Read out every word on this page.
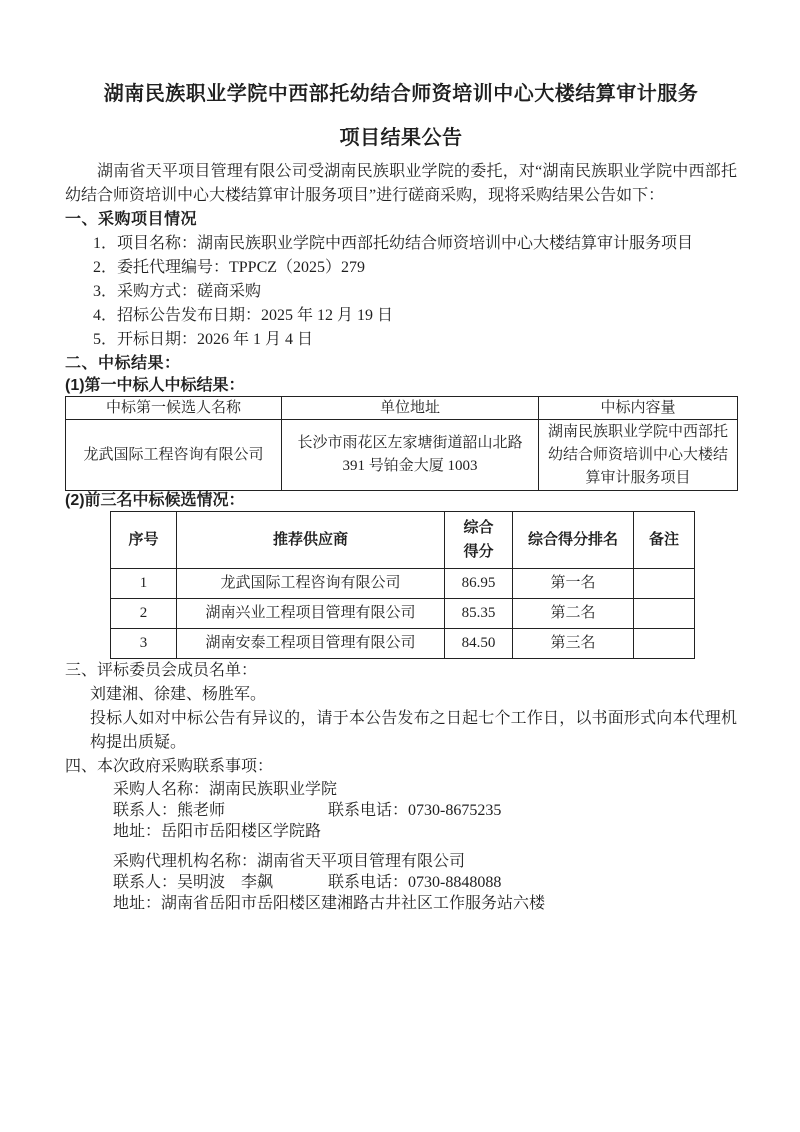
湖南民族职业学院中西部托幼结合师资培训中心大楼结算审计服务
项目结果公告

湖南省天平项目管理有限公司受湖南民族职业学院的委托，对“湖南民族职业学院中西部托幼结合师资培训中心大楼结算审计服务项目”进行磋商采购，现将采购结果公告如下：

一、采购项目情况
1．项目名称：湖南民族职业学院中西部托幼结合师资培训中心大楼结算审计服务项目
2．委托代理编号：TPPCZ（2025）279
3．采购方式：磋商采购
4．招标公告发布日期：2025 年 12 月 19 日
5．开标日期：2026 年 1 月 4 日
二、中标结果：
(1)第一中标人中标结果：
中标第一候选人名称	单位地址	中标内容量
龙武国际工程咨询有限公司	长沙市雨花区左家塘街道韶山北路391 号铂金大厦 1003	湖南民族职业学院中西部托幼结合师资培训中心大楼结算审计服务项目
(2)前三名中标候选情况：
序号	推荐供应商	综合得分	综合得分排名	备注
1	龙武国际工程咨询有限公司	86.95	第一名	
2	湖南兴业工程项目管理有限公司	85.35	第二名	
3	湖南安泰工程项目管理有限公司	84.50	第三名	
三、评标委员会成员名单：
刘建湘、徐建、杨胜军。

投标人如对中标公告有异议的，请于本公告发布之日起七个工作日，以书面形式向本代理机构提出质疑。

四、本次政府采购联系事项：
采购人名称：湖南民族职业学院
联系人：熊老师	联系电话：0730-8675235
地址：岳阳市岳阳楼区学院路
采购代理机构名称：湖南省天平项目管理有限公司
联系人：吴明波　李飙	联系电话：0730-8848088
地址：湖南省岳阳市岳阳楼区建湘路古井社区工作服务站六楼
